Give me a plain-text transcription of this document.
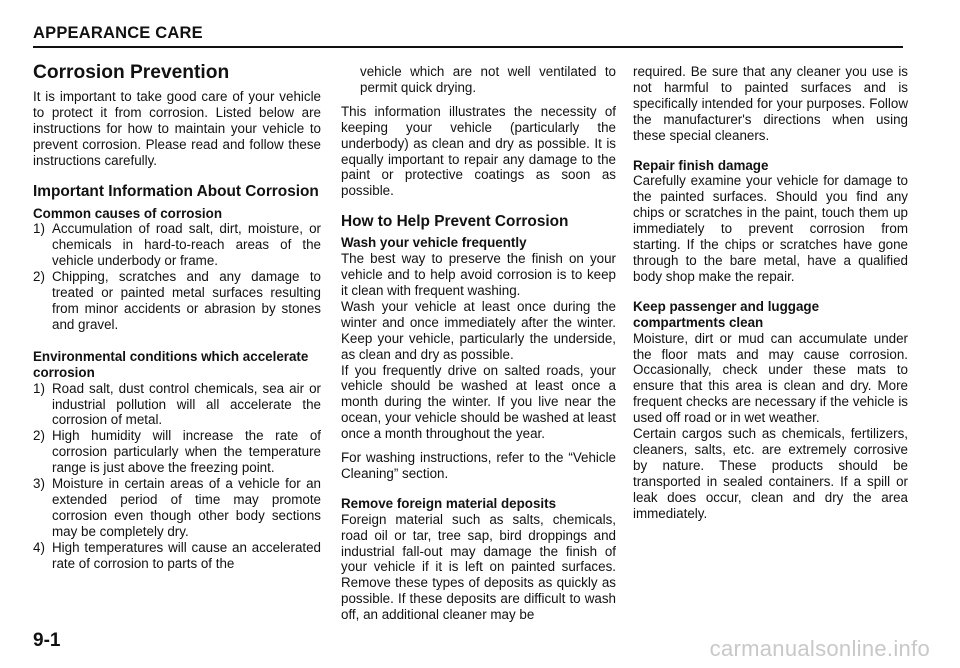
APPEARANCE CARE
Corrosion Prevention

It is important to take good care of your vehicle to protect it from corrosion. Listed below are instructions for how to maintain your vehicle to prevent corrosion. Please read and follow these instructions carefully.

Important Information About Corrosion
Common causes of corrosion
1) Accumulation of road salt, dirt, moisture, or chemicals in hard-to-reach areas of the vehicle underbody or frame.
2) Chipping, scratches and any damage to treated or painted metal surfaces resulting from minor accidents or abrasion by stones and gravel.
Environmental conditions which accelerate corrosion
1) Road salt, dust control chemicals, sea air or industrial pollution will all accelerate the corrosion of metal.
2) High humidity will increase the rate of corrosion particularly when the temperature range is just above the freezing point.
3) Moisture in certain areas of a vehicle for an extended period of time may promote corrosion even though other body sections may be completely dry.
4) High temperatures will cause an accelerated rate of corrosion to parts of the

vehicle which are not well ventilated to permit quick drying.

This information illustrates the necessity of keeping your vehicle (particularly the underbody) as clean and dry as possible. It is equally important to repair any damage to the paint or protective coatings as soon as possible.

How to Help Prevent Corrosion
Wash your vehicle frequently

The best way to preserve the finish on your vehicle and to help avoid corrosion is to keep it clean with frequent washing.

Wash your vehicle at least once during the winter and once immediately after the winter. Keep your vehicle, particularly the underside, as clean and dry as possible.

If you frequently drive on salted roads, your vehicle should be washed at least once a month during the winter. If you live near the ocean, your vehicle should be washed at least once a month throughout the year.

For washing instructions, refer to the “Vehicle Cleaning” section.

Remove foreign material deposits

Foreign material such as salts, chemicals, road oil or tar, tree sap, bird droppings and industrial fall-out may damage the finish of your vehicle if it is left on painted surfaces. Remove these types of deposits as quickly as possible. If these deposits are difficult to wash off, an additional cleaner may be

required. Be sure that any cleaner you use is not harmful to painted surfaces and is specifically intended for your purposes. Follow the manufacturer's directions when using these special cleaners.

Repair finish damage

Carefully examine your vehicle for damage to the painted surfaces. Should you find any chips or scratches in the paint, touch them up immediately to prevent corrosion from starting. If the chips or scratches have gone through to the bare metal, have a qualified body shop make the repair.

Keep passenger and luggage compartments clean

Moisture, dirt or mud can accumulate under the floor mats and may cause corrosion. Occasionally, check under these mats to ensure that this area is clean and dry. More frequent checks are necessary if the vehicle is used off road or in wet weather.

Certain cargos such as chemicals, fertilizers, cleaners, salts, etc. are extremely corrosive by nature. These products should be transported in sealed containers. If a spill or leak does occur, clean and dry the area immediately.

9-1	carmanualsonline.info
